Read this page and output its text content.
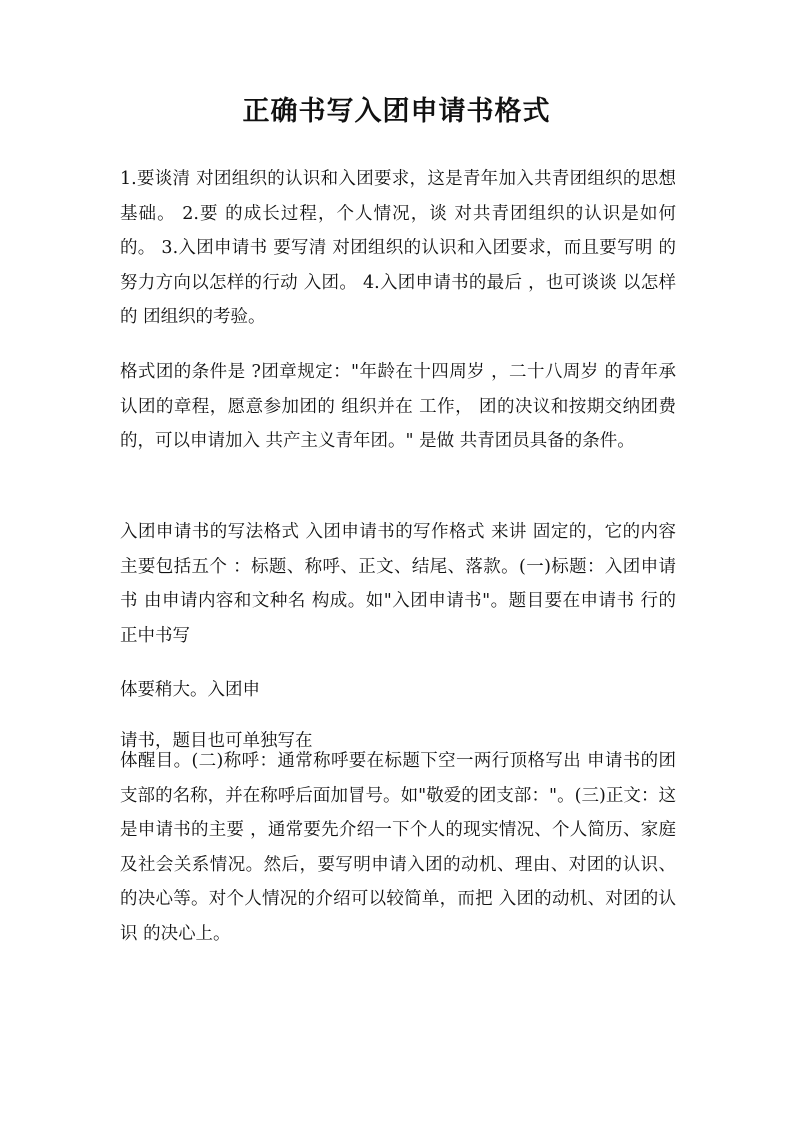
正确书写入团申请书格式

1.要谈清 对团组织的认识和入团要求，这是青年加入共青团组织的思想基础。 2.要 的成长过程，个人情况，谈 对共青团组织的认识是如何 的。 3.入团申请书 要写清 对团组织的认识和入团要求，而且要写明 的努力方向以怎样的行动 入团。 4.入团申请书的最后 ，也可谈谈 以怎样的 团组织的考验。

格式团的条件是 ?团章规定："年龄在十四周岁 ，二十八周岁 的青年承认团的章程，愿意参加团的 组织并在 工作， 团的决议和按期交纳团费的，可以申请加入 共产主义青年团。" 是做 共青团员具备的条件。

入团申请书的写法格式 入团申请书的写作格式 来讲 固定的，它的内容主要包括五个 ：标题、称呼、正文、结尾、落款。(一)标题：入团申请书 由申请内容和文种名 构成。如"入团申请书"。题目要在申请书 行的正中书写

体要稍大。入团申

请书，题目也可单独写在

体醒目。(二)称呼：通常称呼要在标题下空一两行顶格写出 申请书的团支部的名称，并在称呼后面加冒号。如"敬爱的团支部："。(三)正文：这是申请书的主要 ，通常要先介绍一下个人的现实情况、个人简历、家庭 及社会关系情况。然后，要写明申请入团的动机、理由、对团的认识、 的决心等。对个人情况的介绍可以较简单，而把 入团的动机、对团的认识 的决心上。
